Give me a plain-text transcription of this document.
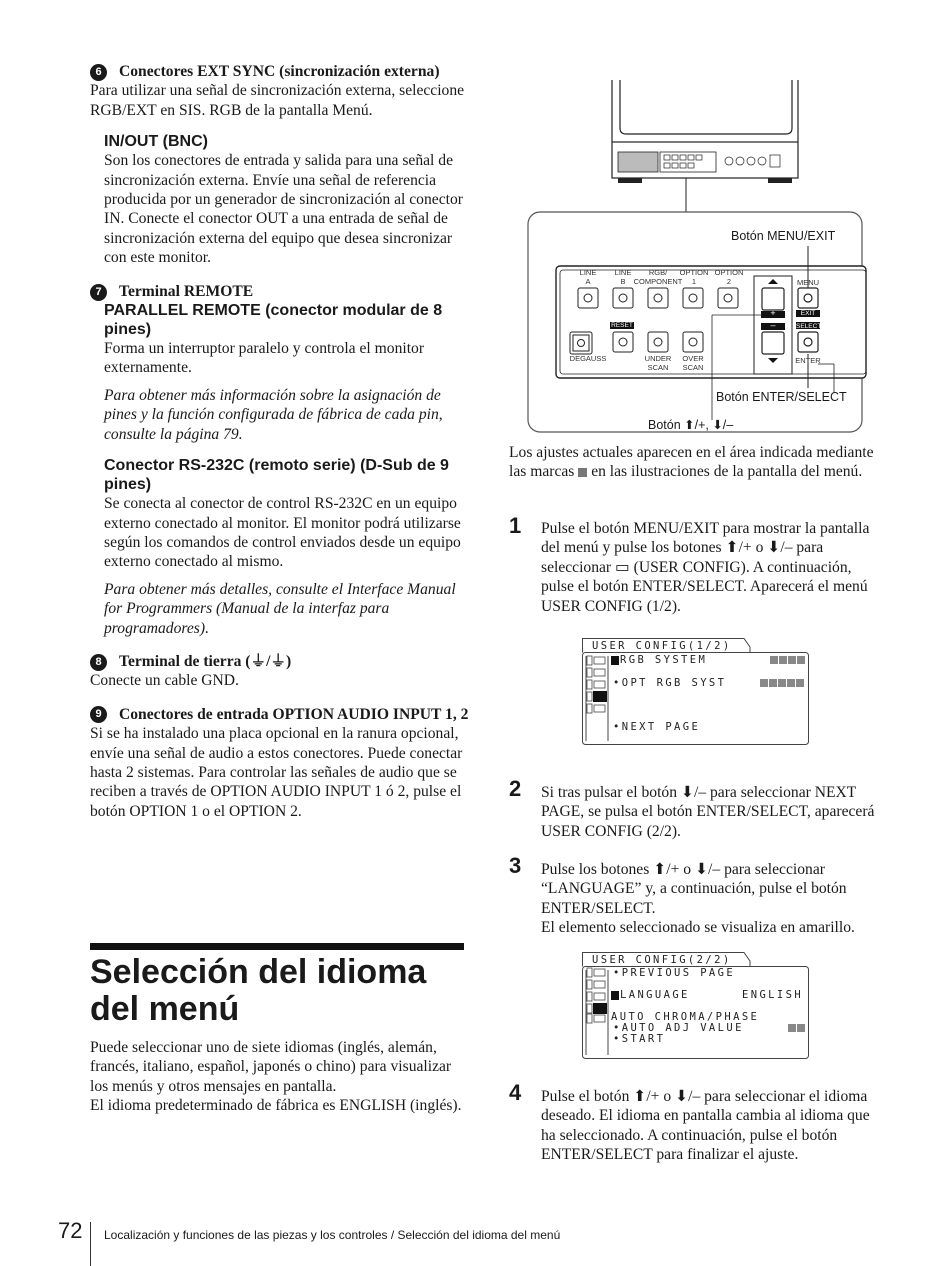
6 Conectores EXT SYNC (sincronización externa)

Para utilizar una señal de sincronización externa, seleccione RGB/EXT en SIS. RGB de la pantalla Menú.

IN/OUT (BNC)

Son los conectores de entrada y salida para una señal de sincronización externa. Envíe una señal de referencia producida por un generador de sincronización al conector IN. Conecte el conector OUT a una entrada de señal de sincronización externa del equipo que desea sincronizar con este monitor.

7 Terminal REMOTE

PARALLEL REMOTE (conector modular de 8 pines)

Forma un interruptor paralelo y controla el monitor externamente.

Para obtener más información sobre la asignación de pines y la función configurada de fábrica de cada pin, consulte la página 79.

Conector RS-232C (remoto serie) (D-Sub de 9 pines)

Se conecta al conector de control RS-232C en un equipo externo conectado al monitor. El monitor podrá utilizarse según los comandos de control enviados desde un equipo externo conectado al mismo.

Para obtener más detalles, consulte el Interface Manual for Programmers (Manual de la interfaz para programadores).

8 Terminal de tierra (⏚/⏚)

Conecte un cable GND.

9	Conectores de entrada OPTION AUDIO INPUT 1, 2

Si se ha instalado una placa opcional en la ranura opcional, envíe una señal de audio a estos conectores. Puede conectar hasta 2 sistemas. Para controlar las señales de audio que se reciben a través de OPTION AUDIO INPUT 1 ó 2, pulse el botón OPTION 1 o el OPTION 2.

Selección del idioma del menú

Puede seleccionar uno de siete idiomas (inglés, alemán, francés, italiano, español, japonés o chino) para visualizar los menús y otros mensajes en pantalla.

El idioma predeterminado de fábrica es ENGLISH (inglés).

Botón MENU/EXIT
Botón ENTER/SELECT
Botón ⬆/+, ⬇/–
LINE
A
LINE
B
RGB/
COMPONENT
OPTION
1
OPTION
2	MENU
EXIT
SELECT
ENTER
RESET
DEGAUSS	UNDER
SCAN
OVER
SCAN
+
–
Los ajustes actuales aparecen en el área indicada mediante las marcas en las ilustraciones de la pantalla del menú.
1 Pulse el botón MENU/EXIT para mostrar la pantalla del menú y pulse los botones ⬆/+ o ⬇/– para seleccionar ▭ (USER CONFIG). A continuación, pulse el botón ENTER/SELECT. Aparecerá el menú USER CONFIG (1/2).
USER CONFIG(1/2)
RGB SYSTEM
•OPT RGB SYST
•NEXT PAGE
2 Si tras pulsar el botón ⬇/– para seleccionar NEXT PAGE, se pulsa el botón ENTER/SELECT, aparecerá USER CONFIG (2/2).
3 Pulse los botones ⬆/+ o ⬇/– para seleccionar “LANGUAGE” y, a continuación, pulse el botón ENTER/SELECT.
El elemento seleccionado se visualiza en amarillo.
USER CONFIG(2/2)
•PREVIOUS PAGE
LANGUAGE	ENGLISH
AUTO CHROMA/PHASE
•AUTO ADJ VALUE
•START
4 Pulse el botón ⬆/+ o ⬇/– para seleccionar el idioma deseado. El idioma en pantalla cambia al idioma que ha seleccionado. A continuación, pulse el botón ENTER/SELECT para finalizar el ajuste.
72 Localización y funciones de las piezas y los controles / Selección del idioma del menú
